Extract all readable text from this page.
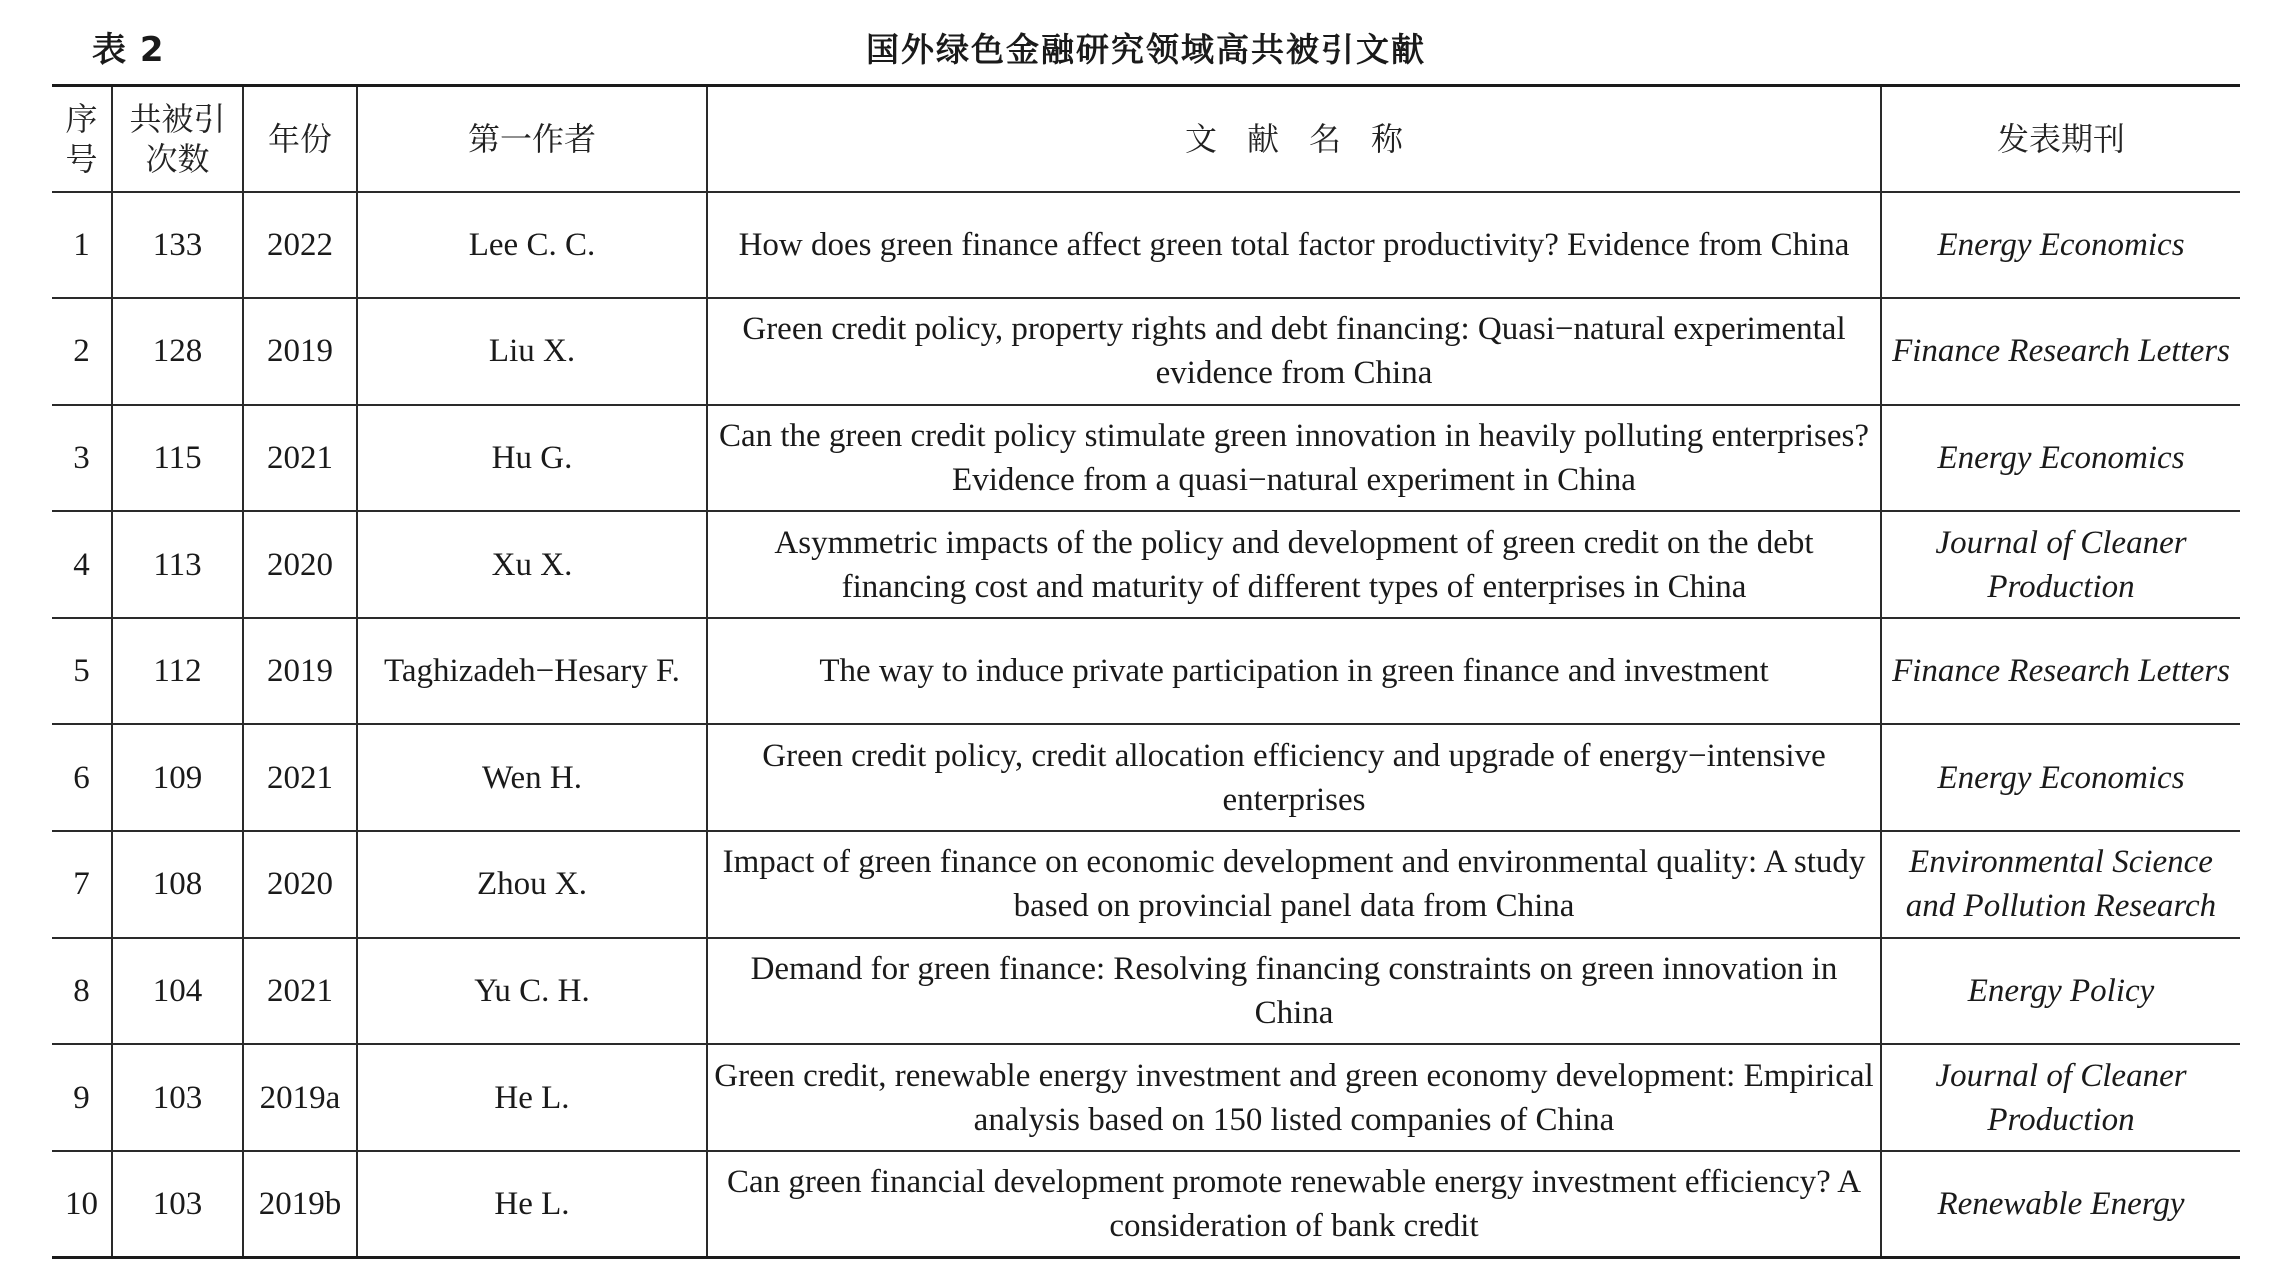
表 2	国外绿色金融研究领域高共被引文献
序号	共被引次数	年份	第一作者	文献名称	发表期刊
1	133	2022	Lee C. C.	How does green finance affect green total factor productivity? Evidence from China	Energy Economics
2	128	2019	Liu X.	Green credit policy, property rights and debt financing: Quasi−natural experimental evidence from China	Finance Research Letters
3	115	2021	Hu G.	Can the green credit policy stimulate green innovation in heavily polluting enterprises? Evidence from a quasi−natural experiment in China	Energy Economics
4	113	2020	Xu X.	Asymmetric impacts of the policy and development of green credit on the debt financing cost and maturity of different types of enterprises in China	Journal of Cleaner Production
5	112	2019	Taghizadeh−Hesary F.	The way to induce private participation in green finance and investment	Finance Research Letters
6	109	2021	Wen H.	Green credit policy, credit allocation efficiency and upgrade of energy−intensive enterprises	Energy Economics
7	108	2020	Zhou X.	Impact of green finance on economic development and environmental quality: A study based on provincial panel data from China	Environmental Science and Pollution Research
8	104	2021	Yu C. H.	Demand for green finance: Resolving financing constraints on green innovation in China	Energy Policy
9	103	2019a	He L.	Green credit, renewable energy investment and green economy development: Empirical analysis based on 150 listed companies of China	Journal of Cleaner Production
10	103	2019b	He L.	Can green financial development promote renewable energy investment efficiency? A consideration of bank credit	Renewable Energy
